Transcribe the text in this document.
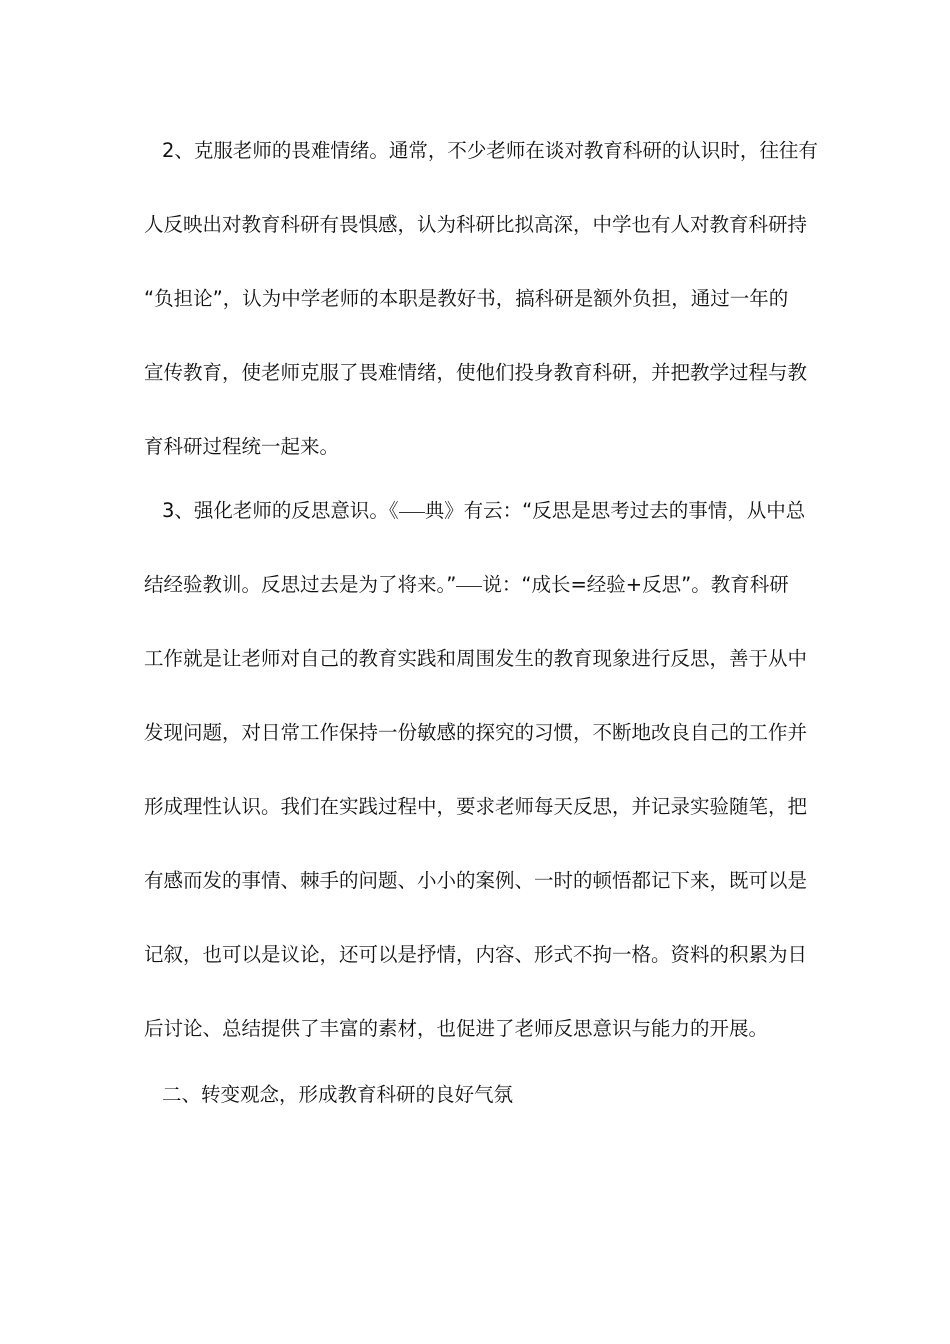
2、克服老师的畏难情绪。通常，不少老师在谈对教育科研的认识时，往往有
人反映出对教育科研有畏惧感，认为科研比拟高深，中学也有人对教育科研持
“负担论”，认为中学老师的本职是教好书，搞科研是额外负担，通过一年的
宣传教育，使老师克服了畏难情绪，使他们投身教育科研，并把教学过程与教
育科研过程统一起来。
3、强化老师的反思意识。《 典》有云：“反思是思考过去的事情，从中总
结经验教训。反思过去是为了将来。” 说：“成长=经验+反思”。教育科研
工作就是让老师对自己的教育实践和周围发生的教育现象进行反思，善于从中
发现问题，对日常工作保持一份敏感的探究的习惯，不断地改良自己的工作并
形成理性认识。我们在实践过程中，要求老师每天反思，并记录实验随笔，把
有感而发的事情、棘手的问题、小小的案例、一时的顿悟都记下来，既可以是
记叙，也可以是议论，还可以是抒情，内容、形式不拘一格。资料的积累为日
后讨论、总结提供了丰富的素材，也促进了老师反思意识与能力的开展。
二、转变观念，形成教育科研的良好气氛
